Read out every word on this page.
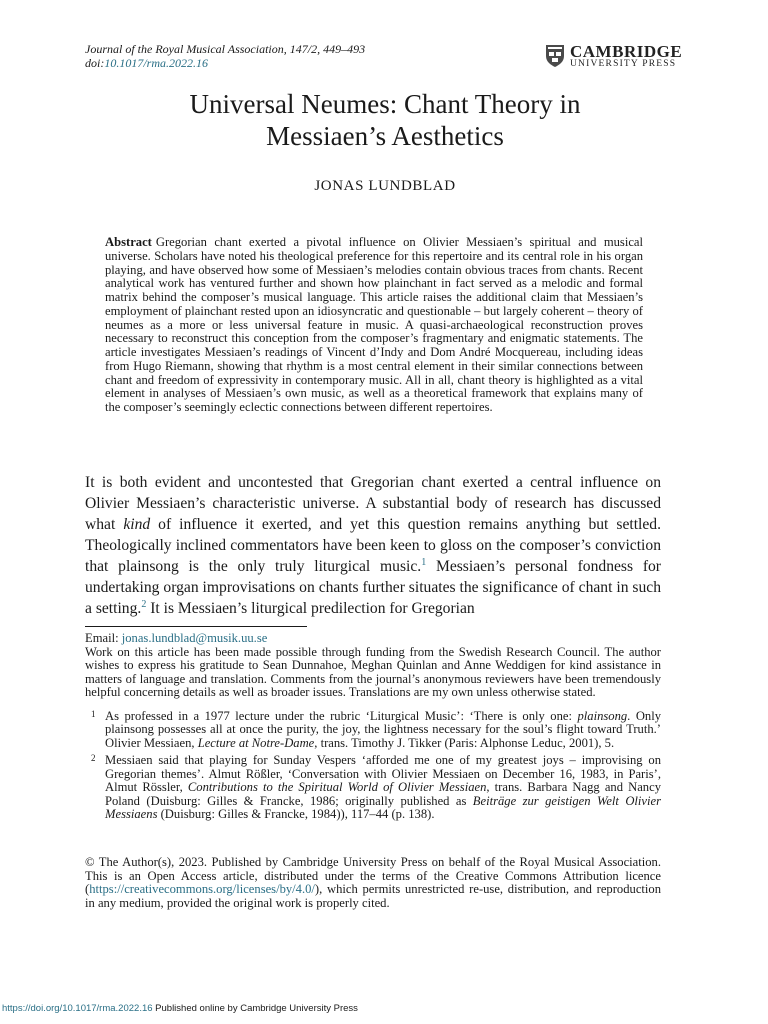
Journal of the Royal Musical Association, 147/2, 449–493
doi:10.1017/rma.2022.16
CAMBRIDGE
UNIVERSITY PRESS
Universal Neumes: Chant Theory in
Messiaen’s Aesthetics
JONAS LUNDBLAD
Abstract Gregorian chant exerted a pivotal influence on Olivier Messiaen’s spiritual and musical universe. Scholars have noted his theological preference for this repertoire and its central role in his organ playing, and have observed how some of Messiaen’s melodies contain obvious traces from chants. Recent analytical work has ventured further and shown how plainchant in fact served as a melodic and formal matrix behind the composer’s musical language. This article raises the additional claim that Messiaen’s employment of plainchant rested upon an idiosyncratic and questionable – but largely coherent – theory of neumes as a more or less universal feature in music. A quasi-archaeological reconstruction proves necessary to reconstruct this conception from the composer’s fragmentary and enigmatic statements. The article investigates Messiaen’s readings of Vincent d’Indy and Dom André Mocquereau, including ideas from Hugo Riemann, showing that rhythm is a most central element in their similar connections between chant and freedom of expressivity in contemporary music. All in all, chant theory is highlighted as a vital element in analyses of Messiaen’s own music, as well as a theoretical framework that explains many of the composer’s seemingly eclectic connections between different repertoires.
It is both evident and uncontested that Gregorian chant exerted a central influence on Olivier Messiaen’s characteristic universe. A substantial body of research has discussed what kind of influence it exerted, and yet this question remains anything but settled. Theologically inclined commentators have been keen to gloss on the composer’s conviction that plainsong is the only truly liturgical music.$^1$ Messiaen’s personal fondness for undertaking organ improvisations on chants further situates the significance of chant in such a setting.$^2$ It is Messiaen’s liturgical predilection for Gregorian
Email: jonas.lundblad@musik.uu.se
Work on this article has been made possible through funding from the Swedish Research Council. The author wishes to express his gratitude to Sean Dunnahoe, Meghan Quinlan and Anne Weddigen for kind assistance in matters of language and translation. Comments from the journal’s anonymous reviewers have been tremendously helpful concerning details as well as broader issues. Translations are my own unless otherwise stated.
1 As professed in a 1977 lecture under the rubric ‘Liturgical Music’: ‘There is only one: plainsong. Only plainsong possesses all at once the purity, the joy, the lightness necessary for the soul’s flight toward Truth.’ Olivier Messiaen, Lecture at Notre-Dame, trans. Timothy J. Tikker (Paris: Alphonse Leduc, 2001), 5.
2 Messiaen said that playing for Sunday Vespers ‘afforded me one of my greatest joys – improvising on Gregorian themes’. Almut Rößler, ‘Conversation with Olivier Messiaen on December 16, 1983, in Paris’, Almut Rössler, Contributions to the Spiritual World of Olivier Messiaen, trans. Barbara Nagg and Nancy Poland (Duisburg: Gilles & Francke, 1986; originally published as Beiträge zur geistigen Welt Olivier Messiaens (Duisburg: Gilles & Francke, 1984)), 117–44 (p. 138).
© The Author(s), 2023. Published by Cambridge University Press on behalf of the Royal Musical Association. This is an Open Access article, distributed under the terms of the Creative Commons Attribution licence (https://creativecommons.org/licenses/by/4.0/), which permits unrestricted re-use, distribution, and reproduction in any medium, provided the original work is properly cited.
https://doi.org/10.1017/rma.2022.16 Published online by Cambridge University Press
